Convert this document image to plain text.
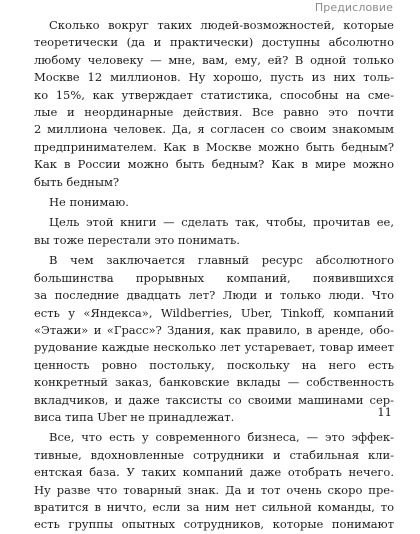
Предисловие

Сколько вокруг таких людей-возможностей, которые
теоретически (да и практически) доступны абсолютно
любому человеку — мне, вам, ему, ей? В одной только
Москве 12 миллионов. Ну хорошо, пусть из них толь-
ко 15%, как утверждает статистика, способны на сме-
лые и неординарные действия. Все равно это почти
2 миллиона человек. Да, я согласен со своим знакомым
предпринимателем. Как в Москве можно быть бедным?
Как в России можно быть бедным? Как в мире можно
быть бедным?

Не понимаю.

Цель этой книги — сделать так, чтобы, прочитав ее,
вы тоже перестали это понимать.

В чем заключается главный ресурс абсолютного
большинства прорывных компаний, появившихся
за последние двадцать лет? Люди и только люди. Что
есть у «Яндекса», Wildberries, Uber, Tinkoff, компаний
«Этажи» и «Грасс»? Здания, как правило, в аренде, обо-
рудование каждые несколько лет устаревает, товар имеет
ценность ровно постольку, поскольку на него есть
конкретный заказ, банковские вклады — собственность
вкладчиков, и даже таксисты со своими машинами сер-
виса типа Uber не принадлежат.

Все, что есть у современного бизнеса, — это эффек-
тивные, вдохновленные сотрудники и стабильная кли-
ентская база. У таких компаний даже отобрать нечего.
Ну разве что товарный знак. Да и тот очень скоро пре-
вратится в ничто, если за ним нет сильной команды, то
есть группы опытных сотрудников, которые понимают

11
